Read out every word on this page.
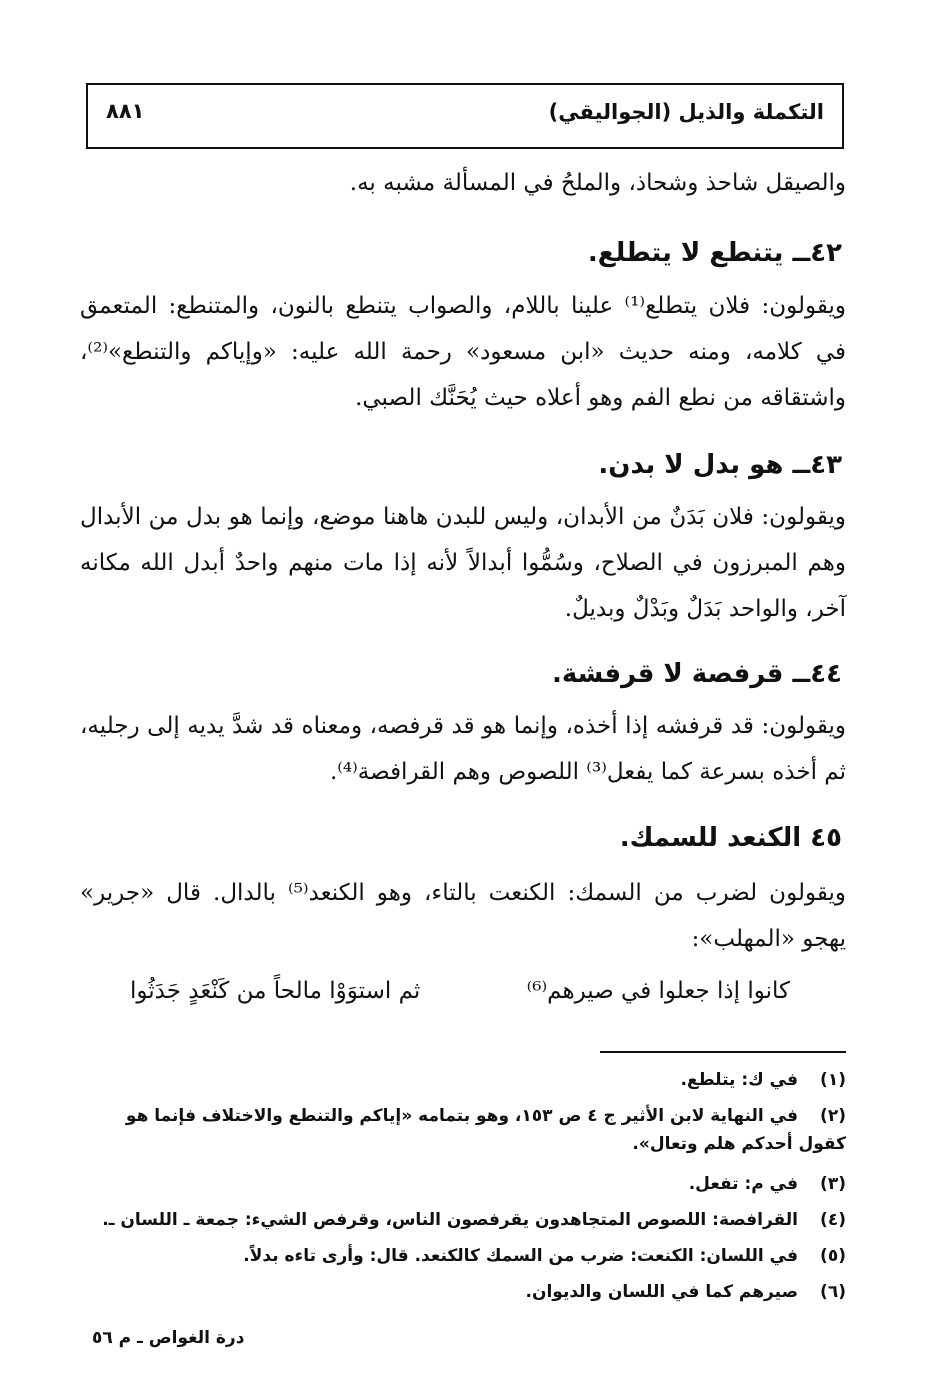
التكملة والذيل (الجواليقي)
٨٨١
والصيقل شاحذ وشحاذ، والملحُ في المسألة مشبه به.
٤٢ــ يتنطع لا يتطلع.
ويقولون: فلان يتطلع⁽¹⁾ علينا باللام، والصواب يتنطع بالنون، والمتنطع: المتعمق في كلامه، ومنه حديث «ابن مسعود» رحمة الله عليه: «وإياكم والتنطع»⁽²⁾، واشتقاقه من نطع الفم وهو أعلاه حيث يُحَنَّك الصبي.
٤٣ــ هو بدل لا بدن.
ويقولون: فلان بَدَنٌ من الأبدان، وليس للبدن هاهنا موضع، وإنما هو بدل من الأبدال وهم المبرزون في الصلاح، وسُمُّوا أبدالاً لأنه إذا مات منهم واحدٌ أبدل الله مكانه آخر، والواحد بَدَلٌ وبَدْلٌ وبديلٌ.
٤٤ــ قرفصة لا قرفشة.
ويقولون: قد قرفشه إذا أخذه، وإنما هو قد قرفصه، ومعناه قد شدَّ يديه إلى رجليه، ثم أخذه بسرعة كما يفعل⁽³⁾ اللصوص وهم القرافصة⁽⁴⁾.
٤٥ الكنعد للسمك.
ويقولون لضرب من السمك: الكنعت بالتاء، وهو الكنعد⁽⁵⁾ بالدال. قال «جرير» يهجو «المهلب»:
كانوا إذا جعلوا في صيرهم⁽⁶⁾
ثم استوَوْا مالحاً من كَنْعَدٍ جَدَثُوا
(١)في ك: يتلطع.
(٢)في النهاية لابن الأثير ج ٤ ص ١٥٣، وهو بتمامه «إياكم والتنطع والاختلاف فإنما هو كقول أحدكم هلم وتعال».
(٣)في م: تفعل.
(٤)القرافصة: اللصوص المتجاهدون يقرفصون الناس، وقرفص الشيء: جمعة ـ اللسان ـ.
(٥)في اللسان: الكنعت: ضرب من السمك كالكنعد. قال: وأرى تاءه بدلاً.
(٦)صيرهم كما في اللسان والديوان.
درة الغواص ـ م ٥٦
